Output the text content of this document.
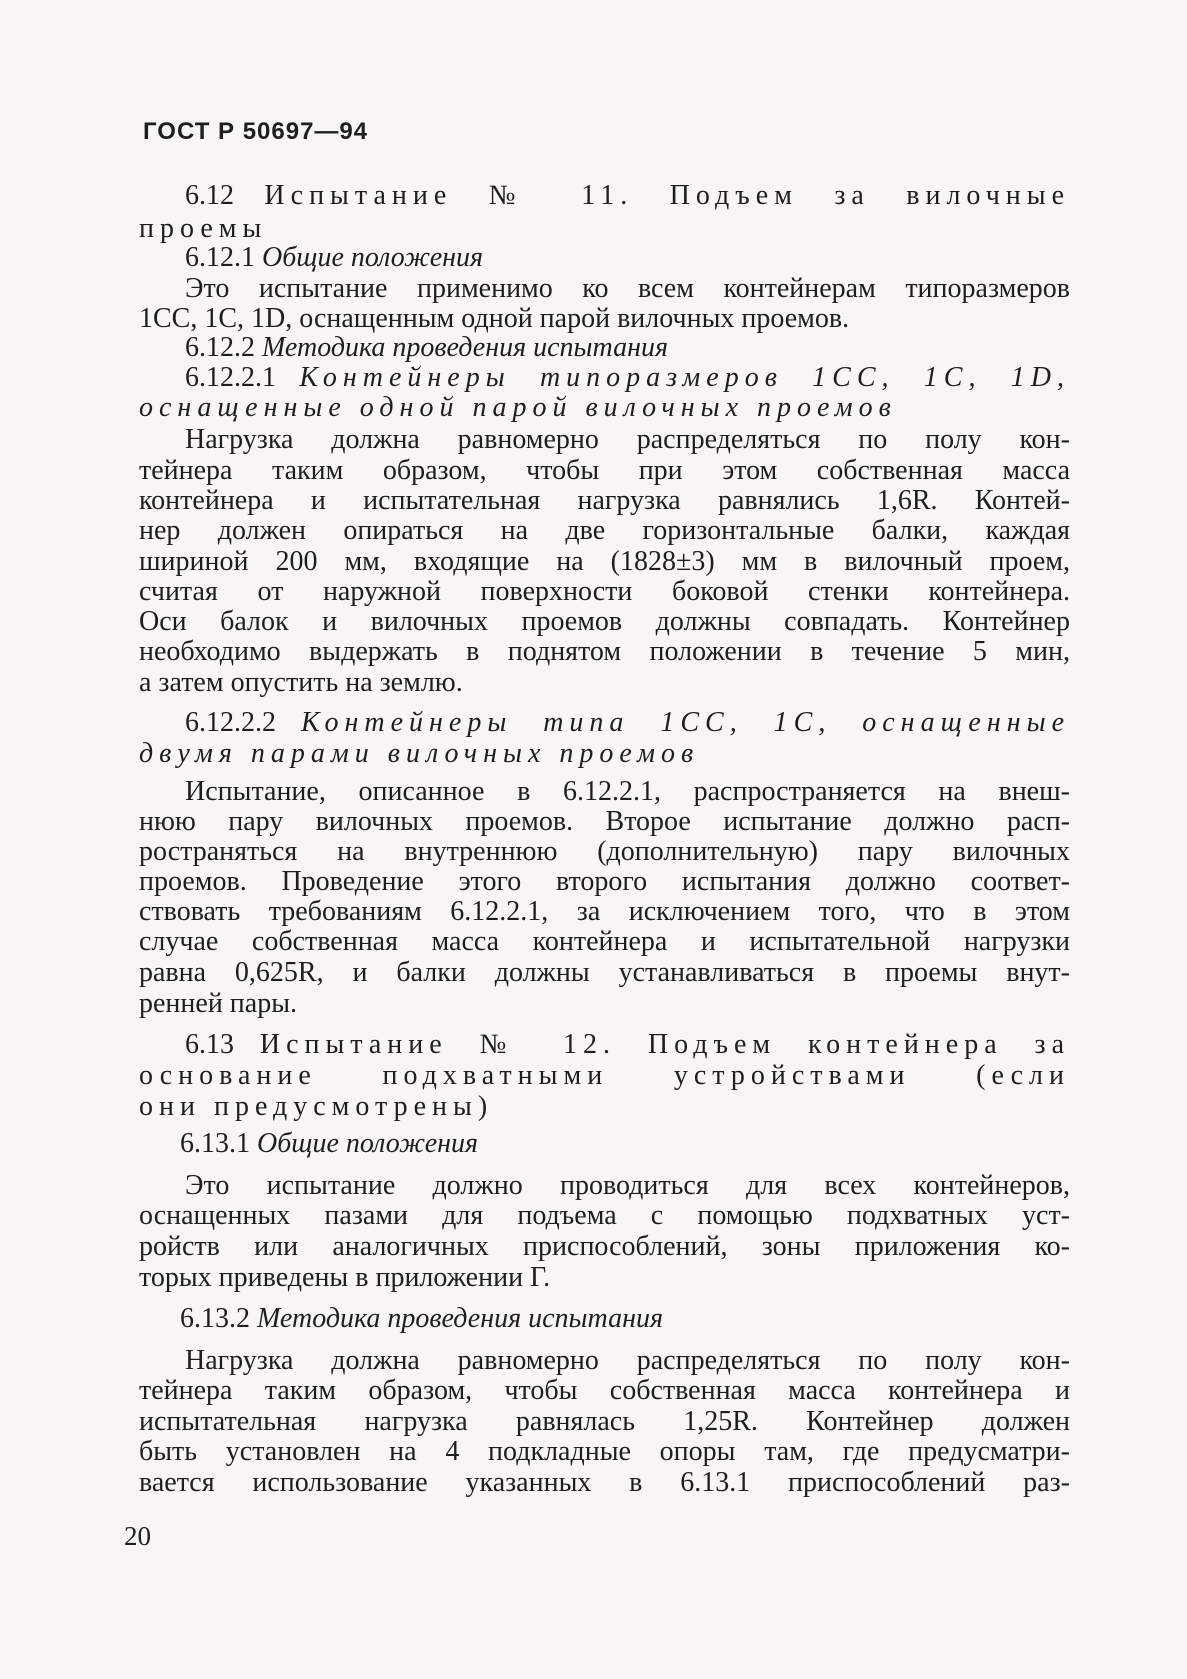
ГОСТ Р 50697—94
6.12 Испытание № 11. Подъем за вилочные
проемы
6.12.1 Общие положения
Это испытание применимо ко всем контейнерам типоразмеров
1CC, 1C, 1D, оснащенным одной парой вилочных проемов.
6.12.2 Методика проведения испытания
6.12.2.1 Контейнеры типоразмеров 1CC, 1C, 1D,
оснащенные одной парой вилочных проемов
Нагрузка должна равномерно распределяться по полу кон-
тейнера таким образом, чтобы при этом собственная масса
контейнера и испытательная нагрузка равнялись 1,6R. Контей-
нер должен опираться на две горизонтальные балки, каждая
шириной 200 мм, входящие на (1828±3) мм в вилочный проем,
считая от наружной поверхности боковой стенки контейнера.
Оси балок и вилочных проемов должны совпадать. Контейнер
необходимо выдержать в поднятом положении в течение 5 мин,
а затем опустить на землю.
6.12.2.2 Контейнеры типа 1CC, 1C, оснащенные
двумя парами вилочных проемов
Испытание, описанное в 6.12.2.1, распространяется на внеш-
нюю пару вилочных проемов. Второе испытание должно расп-
ространяться на внутреннюю (дополнительную) пару вилочных
проемов. Проведение этого второго испытания должно соответ-
ствовать требованиям 6.12.2.1, за исключением того, что в этом
случае собственная масса контейнера и испытательной нагрузки
равна 0,625R, и балки должны устанавливаться в проемы внут-
ренней пары.
6.13 Испытание № 12. Подъем контейнера за
основание подхватными устройствами (если
они предусмотрены)
6.13.1 Общие положения
Это испытание должно проводиться для всех контейнеров,
оснащенных пазами для подъема с помощью подхватных уст-
ройств или аналогичных приспособлений, зоны приложения ко-
торых приведены в приложении Г.
6.13.2 Методика проведения испытания
Нагрузка должна равномерно распределяться по полу кон-
тейнера таким образом, чтобы собственная масса контейнера и
испытательная нагрузка равнялась 1,25R. Контейнер должен
быть установлен на 4 подкладные опоры там, где предусматри-
вается использование указанных в 6.13.1 приспособлений раз-
20
